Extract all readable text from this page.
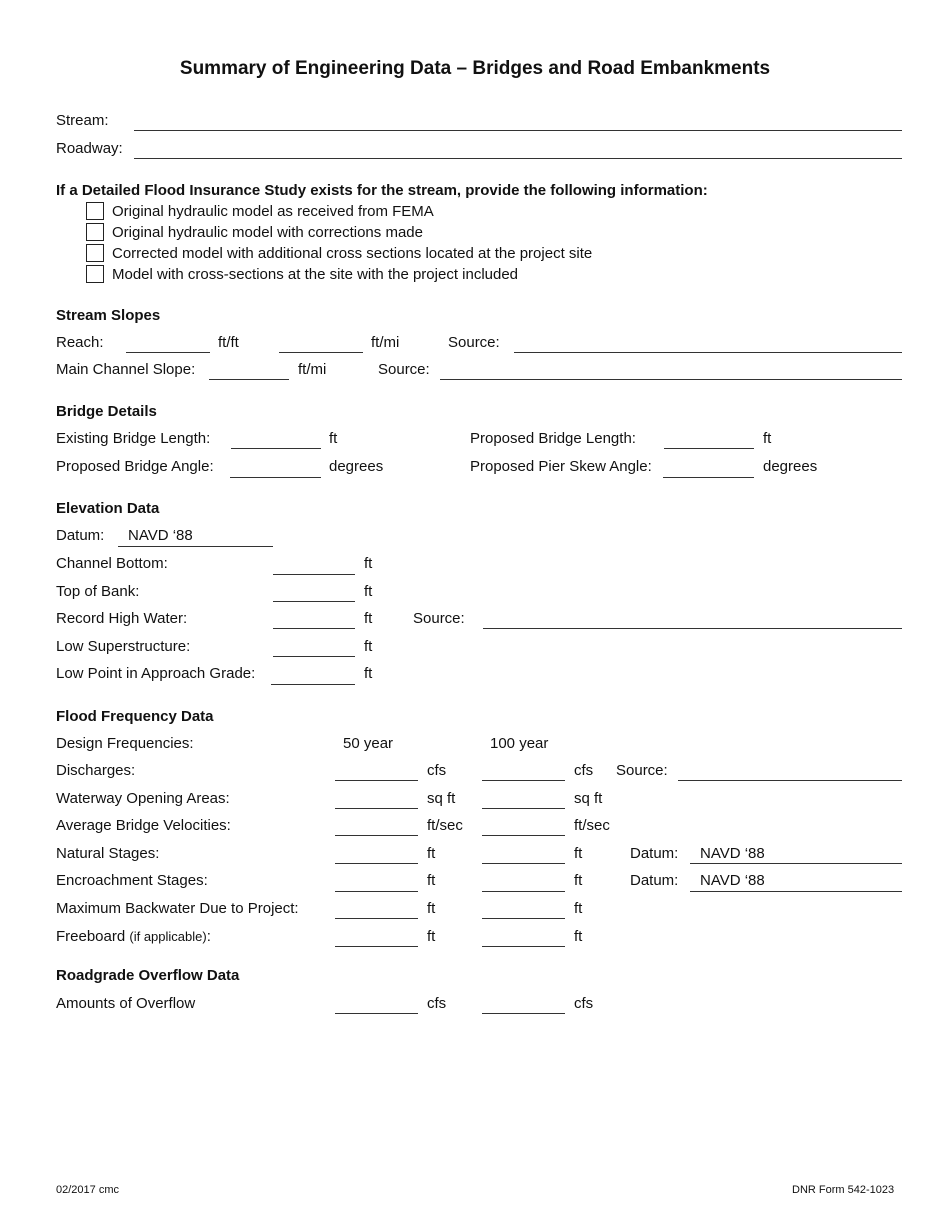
Summary of Engineering Data – Bridges and Road Embankments
Stream:
Roadway:
If a Detailed Flood Insurance Study exists for the stream, provide the following information:
Original hydraulic model as received from FEMA
Original hydraulic model with corrections made
Corrected model with additional cross sections located at the project site
Model with cross-sections at the site with the project included
Stream Slopes
Reach:	ft/ft	ft/mi	Source:
Main Channel Slope:	ft/mi	Source:
Bridge Details
Existing Bridge Length:	ft	Proposed Bridge Length:	ft
Proposed Bridge Angle:	degrees	Proposed Pier Skew Angle:	degrees
Elevation Data
Datum: NAVD ‘88
Channel Bottom:	ft
Top of Bank:	ft
Record High Water:	ft	Source:
Low Superstructure:	ft
Low Point in Approach Grade:	ft
Flood Frequency Data
Design Frequencies:	50 year	100 year
Discharges:	cfs	cfs Source:
Waterway Opening Areas:	sq ft	sq ft
Average Bridge Velocities:	ft/sec	ft/sec
Natural Stages:	ft	ft	Datum: NAVD ‘88
Encroachment Stages:	ft	ft	Datum: NAVD ‘88
Maximum Backwater Due to Project:	ft	ft
Freeboard (if applicable):	ft	ft
Roadgrade Overflow Data
Amounts of Overflow	cfs	cfs
02/2017 cmc	DNR Form 542-1023
